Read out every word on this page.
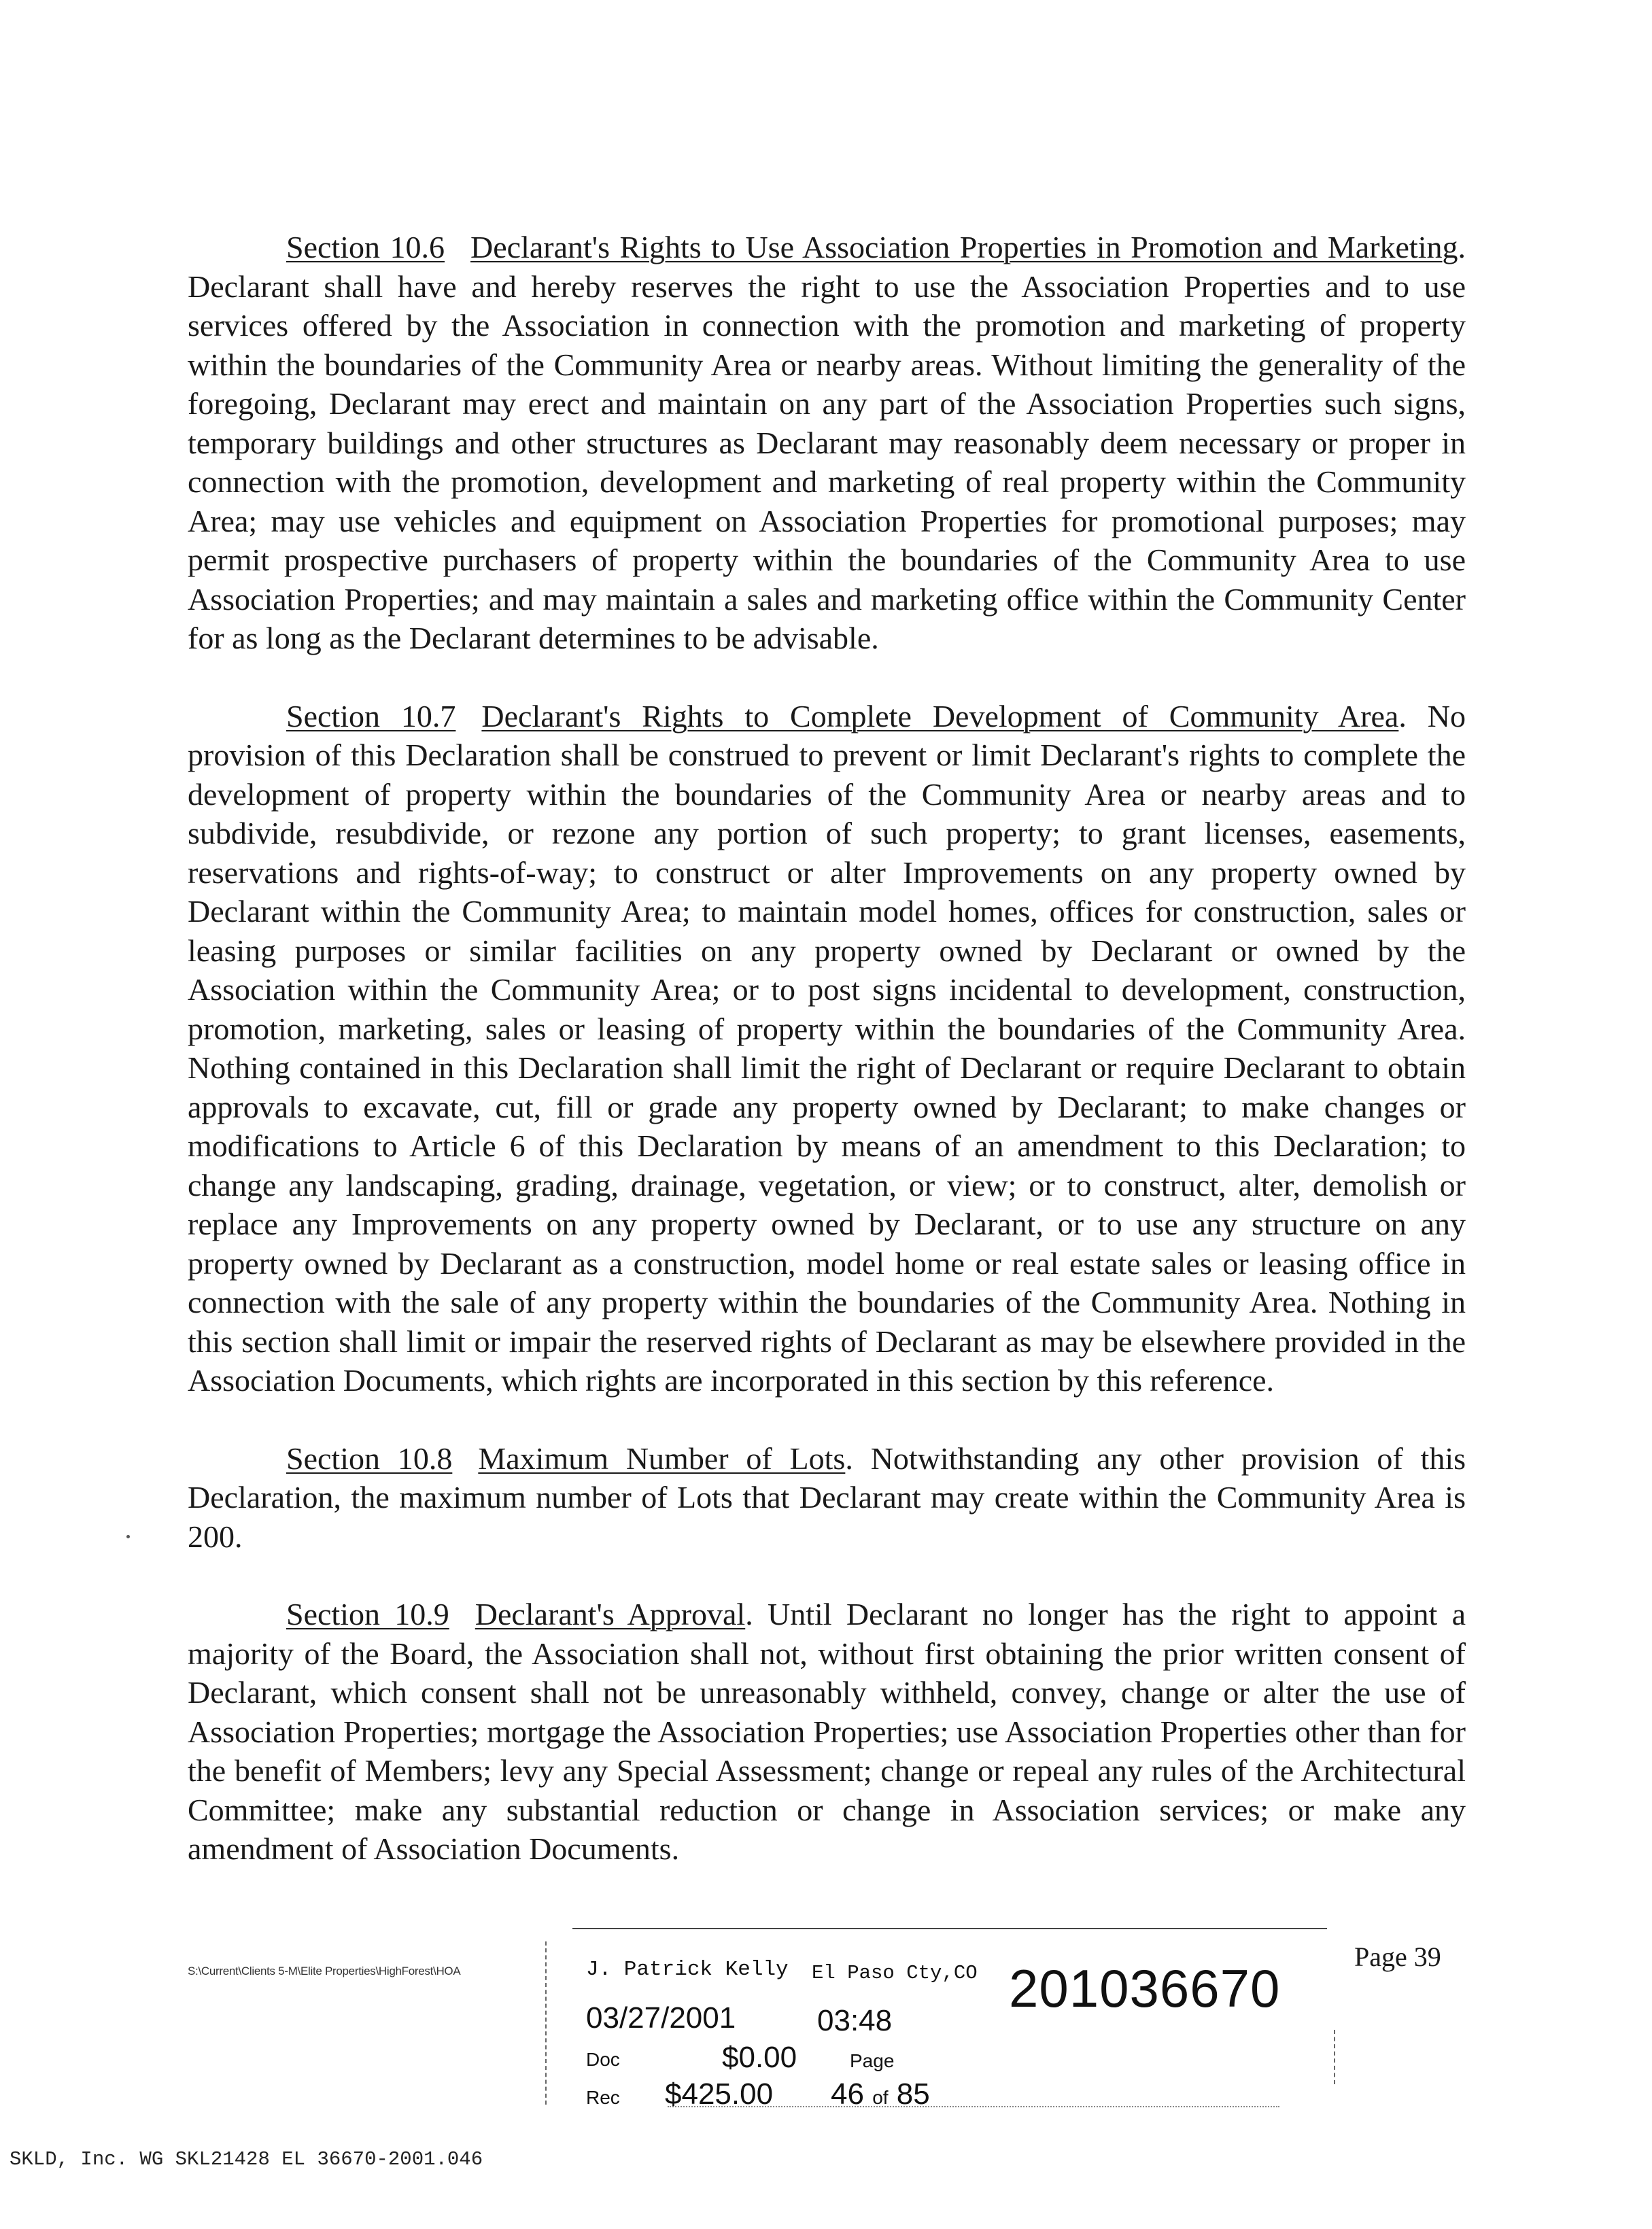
Section 10.6 Declarant's Rights to Use Association Properties in Promotion and Marketing. Declarant shall have and hereby reserves the right to use the Association Properties and to use services offered by the Association in connection with the promotion and marketing of property within the boundaries of the Community Area or nearby areas. Without limiting the generality of the foregoing, Declarant may erect and maintain on any part of the Association Properties such signs, temporary buildings and other structures as Declarant may reasonably deem necessary or proper in connection with the promotion, development and marketing of real property within the Community Area; may use vehicles and equipment on Association Properties for promotional purposes; may permit prospective purchasers of property within the boundaries of the Community Area to use Association Properties; and may maintain a sales and marketing office within the Community Center for as long as the Declarant determines to be advisable.

Section 10.7 Declarant's Rights to Complete Development of Community Area. No provision of this Declaration shall be construed to prevent or limit Declarant's rights to complete the development of property within the boundaries of the Community Area or nearby areas and to subdivide, resubdivide, or rezone any portion of such property; to grant licenses, easements, reservations and rights-of-way; to construct or alter Improvements on any property owned by Declarant within the Community Area; to maintain model homes, offices for construction, sales or leasing purposes or similar facilities on any property owned by Declarant or owned by the Association within the Community Area; or to post signs incidental to development, construction, promotion, marketing, sales or leasing of property within the boundaries of the Community Area. Nothing contained in this Declaration shall limit the right of Declarant or require Declarant to obtain approvals to excavate, cut, fill or grade any property owned by Declarant; to make changes or modifications to Article 6 of this Declaration by means of an amendment to this Declaration; to change any landscaping, grading, drainage, vegetation, or view; or to construct, alter, demolish or replace any Improvements on any property owned by Declarant, or to use any structure on any property owned by Declarant as a construction, model home or real estate sales or leasing office in connection with the sale of any property within the boundaries of the Community Area. Nothing in this section shall limit or impair the reserved rights of Declarant as may be elsewhere provided in the Association Documents, which rights are incorporated in this section by this reference.

Section 10.8 Maximum Number of Lots. Notwithstanding any other provision of this Declaration, the maximum number of Lots that Declarant may create within the Community Area is 200.

Section 10.9 Declarant's Approval. Until Declarant no longer has the right to appoint a majority of the Board, the Association shall not, without first obtaining the prior written consent of Declarant, which consent shall not be unreasonably withheld, convey, change or alter the use of Association Properties; mortgage the Association Properties; use Association Properties other than for the benefit of Members; levy any Special Assessment; change or repeal any rules of the Architectural Committee; make any substantial reduction or change in Association services; or make any amendment of Association Documents.

S:\Current\Clients 5-M\Elite Properties\HighForest\HOA	J. Patrick Kelly El Paso Cty,CO 201036670
03/27/2001	03:48
Doc	$0.00	Page
Rec $425.00 46 of 85
Page 39
SKLD, Inc. WG SKL21428 EL 36670-2001.046
